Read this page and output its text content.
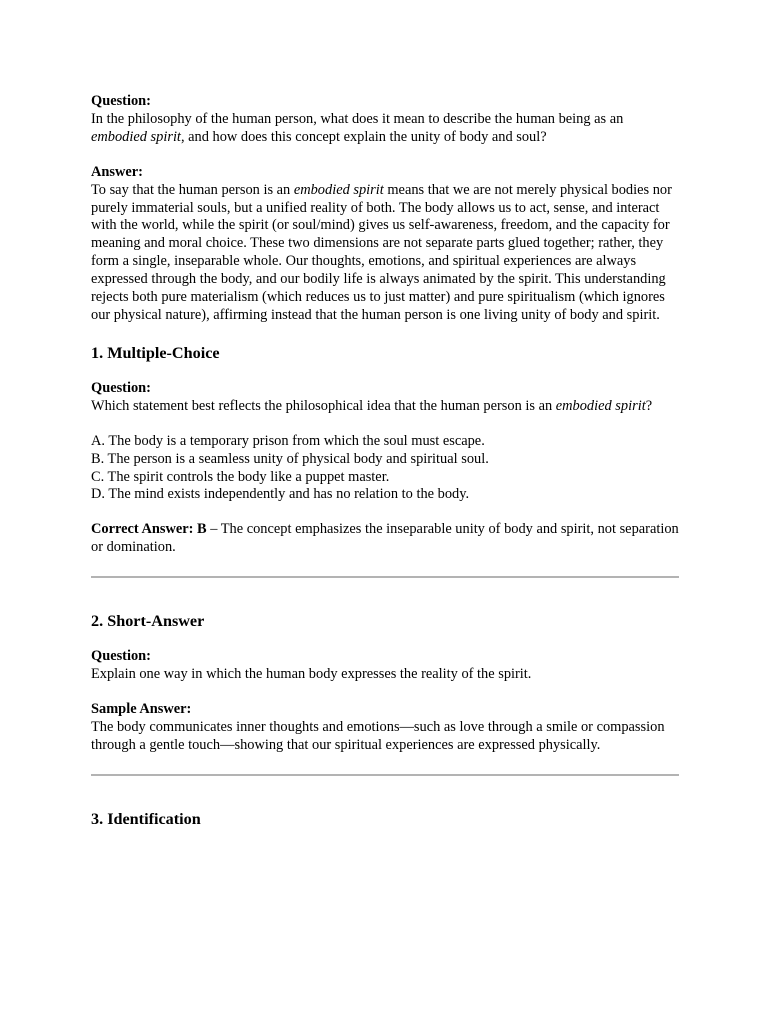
Question:

In the philosophy of the human person, what does it mean to describe the human being as an embodied spirit, and how does this concept explain the unity of body and soul?

Answer:

To say that the human person is an embodied spirit means that we are not merely physical bodies nor purely immaterial souls, but a unified reality of both. The body allows us to act, sense, and interact with the world, while the spirit (or soul/mind) gives us self-awareness, freedom, and the capacity for meaning and moral choice. These two dimensions are not separate parts glued together; rather, they form a single, inseparable whole. Our thoughts, emotions, and spiritual experiences are always expressed through the body, and our bodily life is always animated by the spirit. This understanding rejects both pure materialism (which reduces us to just matter) and pure spiritualism (which ignores our physical nature), affirming instead that the human person is one living unity of body and spirit.

1. Multiple-Choice
Question:

Which statement best reflects the philosophical idea that the human person is an embodied spirit?

A. The body is a temporary prison from which the soul must escape.
B. The person is a seamless unity of physical body and spiritual soul.
C. The spirit controls the body like a puppet master.
D. The mind exists independently and has no relation to the body.

Correct Answer: B – The concept emphasizes the inseparable unity of body and spirit, not separation or domination.

2. Short-Answer
Question:

Explain one way in which the human body expresses the reality of the spirit.

Sample Answer:

The body communicates inner thoughts and emotions—such as love through a smile or compassion through a gentle touch—showing that our spiritual experiences are expressed physically.

3. Identification
